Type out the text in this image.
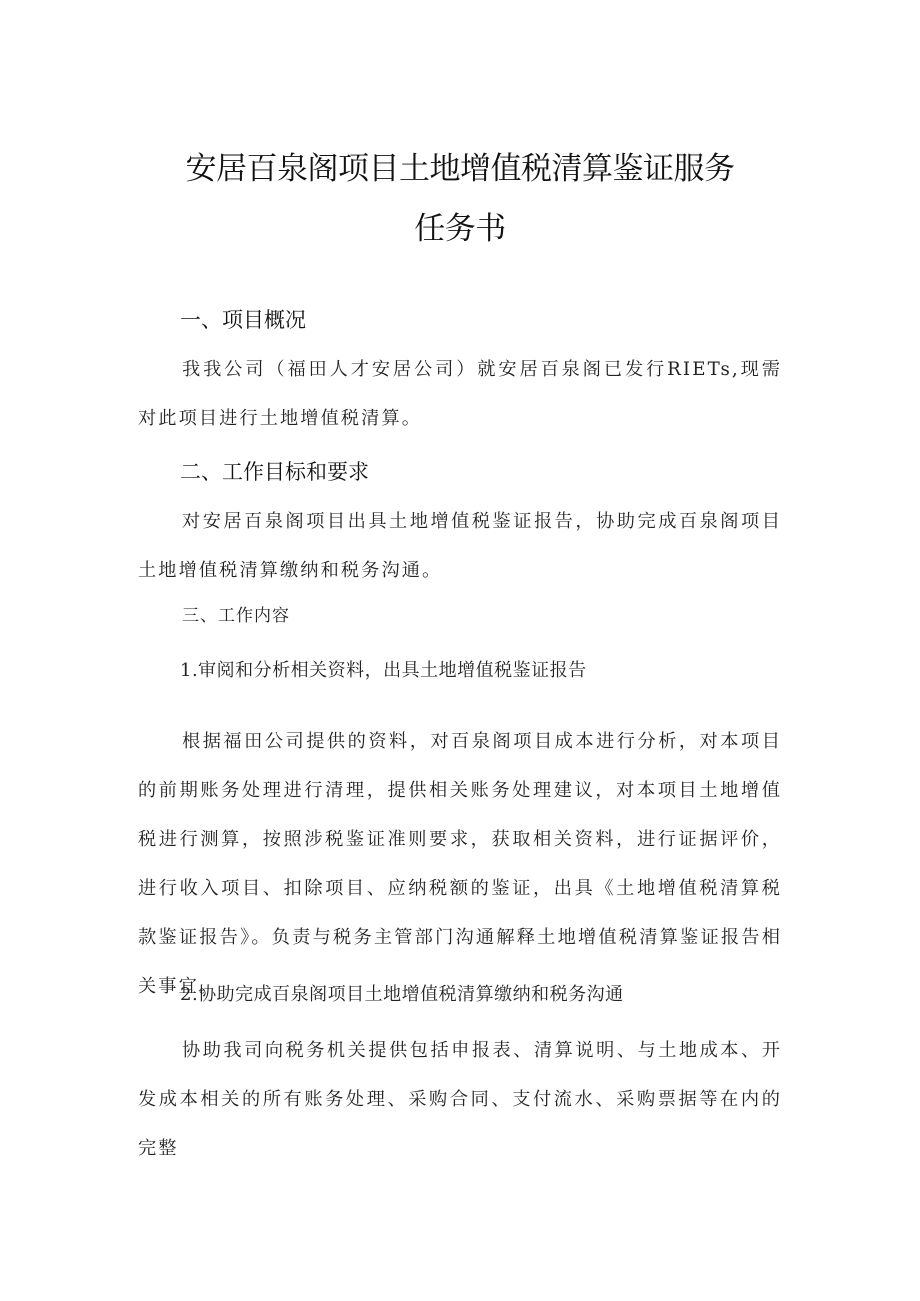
安居百泉阁项目土地增值税清算鉴证服务
任务书
一、项目概况

我我公司（福田人才安居公司）就安居百泉阁已发行RIETs,现需对此项目进行土地增值税清算。

二、工作目标和要求

对安居百泉阁项目出具土地增值税鉴证报告，协助完成百泉阁项目土地增值税清算缴纳和税务沟通。

三、工作内容
1.审阅和分析相关资料，出具土地增值税鉴证报告

根据福田公司提供的资料，对百泉阁项目成本进行分析，对本项目的前期账务处理进行清理，提供相关账务处理建议，对本项目土地增值税进行测算，按照涉税鉴证准则要求，获取相关资料，进行证据评价，进行收入项目、扣除项目、应纳税额的鉴证，出具《土地增值税清算税款鉴证报告》。负责与税务主管部门沟通解释土地增值税清算鉴证报告相关事宜。

2.协助完成百泉阁项目土地增值税清算缴纳和税务沟通

协助我司向税务机关提供包括申报表、清算说明、与土地成本、开发成本相关的所有账务处理、采购合同、支付流水、采购票据等在内的完整
